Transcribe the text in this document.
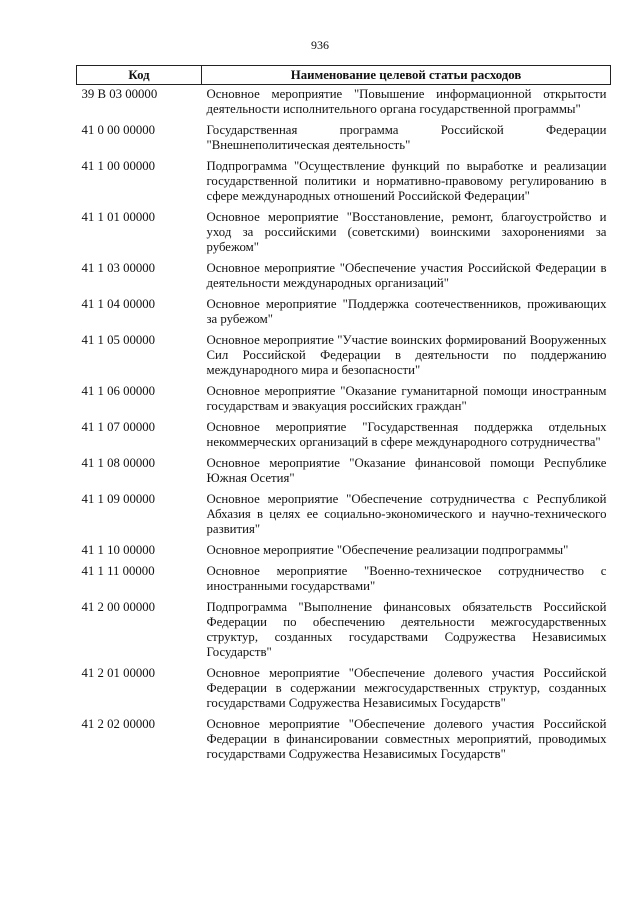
936
Код	Наименование целевой статьи расходов
39 В 03 00000	Основное мероприятие "Повышение информационной открытости деятельности исполнительного органа государственной программы"
41 0 00 00000	Государственная программа Российской Федерации "Внешнеполитическая деятельность"
41 1 00 00000	Подпрограмма "Осуществление функций по выработке и реализации государственной политики и нормативно-правовому регулированию в сфере международных отношений Российской Федерации"
41 1 01 00000	Основное мероприятие "Восстановление, ремонт, благоустройство и уход за российскими (советскими) воинскими захоронениями за рубежом"
41 1 03 00000	Основное мероприятие "Обеспечение участия Российской Федерации в деятельности международных организаций"
41 1 04 00000	Основное мероприятие "Поддержка соотечественников, проживающих за рубежом"
41 1 05 00000	Основное мероприятие "Участие воинских формирований Вооруженных Сил Российской Федерации в деятельности по поддержанию международного мира и безопасности"
41 1 06 00000	Основное мероприятие "Оказание гуманитарной помощи иностранным государствам и эвакуация российских граждан"
41 1 07 00000	Основное мероприятие "Государственная поддержка отдельных некоммерческих организаций в сфере международного сотрудничества"
41 1 08 00000	Основное мероприятие "Оказание финансовой помощи Республике Южная Осетия"
41 1 09 00000	Основное мероприятие "Обеспечение сотрудничества с Республикой Абхазия в целях ее социально-экономического и научно-технического развития"
41 1 10 00000	Основное мероприятие "Обеспечение реализации подпрограммы"
41 1 11 00000	Основное мероприятие "Военно-техническое сотрудничество с иностранными государствами"
41 2 00 00000	Подпрограмма "Выполнение финансовых обязательств Российской Федерации по обеспечению деятельности межгосударственных структур, созданных государствами Содружества Независимых Государств"
41 2 01 00000	Основное мероприятие "Обеспечение долевого участия Российской Федерации в содержании межгосударственных структур, созданных государствами Содружества Независимых Государств"
41 2 02 00000	Основное мероприятие "Обеспечение долевого участия Российской Федерации в финансировании совместных мероприятий, проводимых государствами Содружества Независимых Государств"
